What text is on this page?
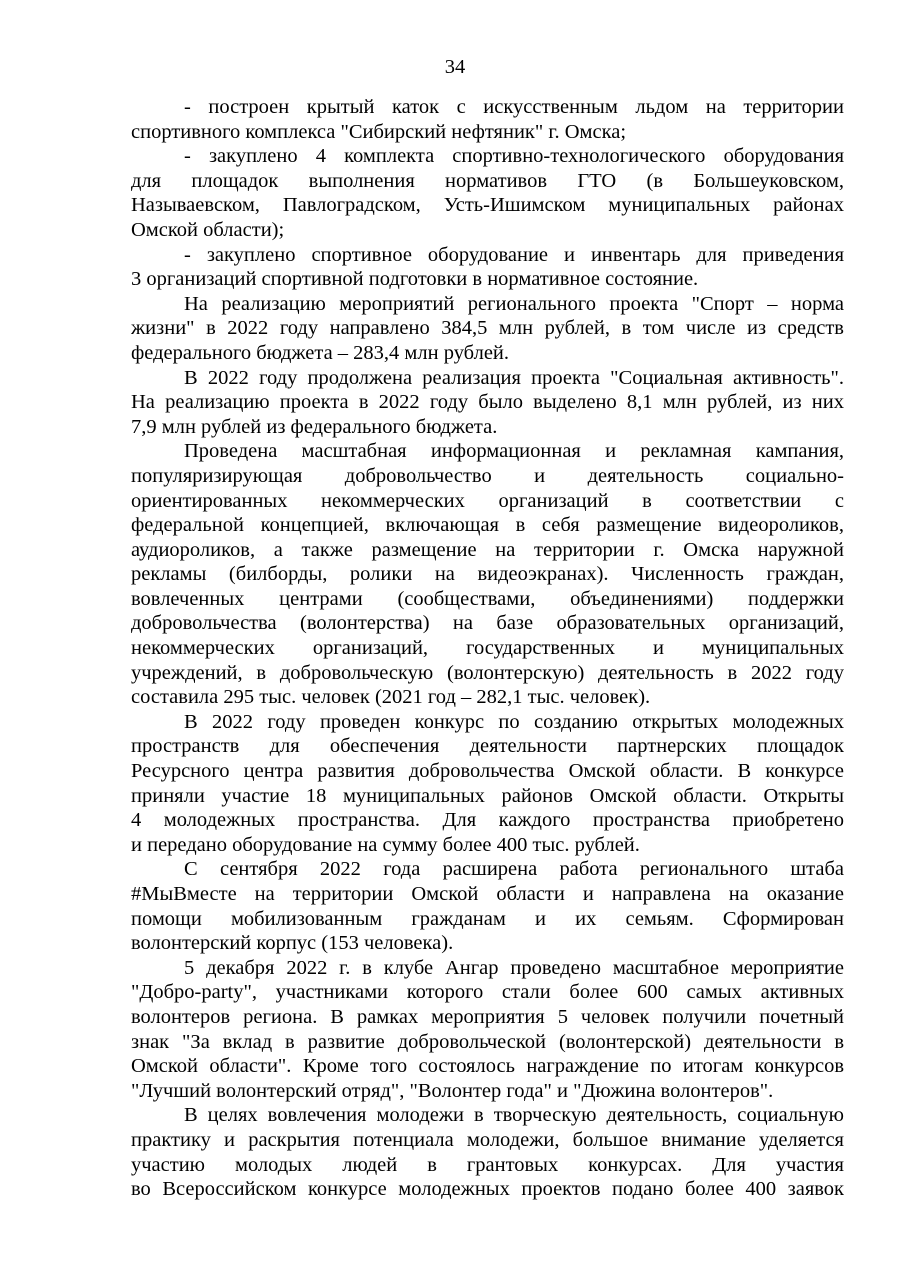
34
- построен крытый каток с искусственным льдом на территории
спортивного комплекса "Сибирский нефтяник" г. Омска;
- закуплено 4 комплекта спортивно-технологического оборудования
для площадок выполнения нормативов ГТО (в Большеуковском,
Называевском, Павлоградском, Усть-Ишимском муниципальных районах
Омской области);
- закуплено спортивное оборудование и инвентарь для приведения
3 организаций спортивной подготовки в нормативное состояние.
На реализацию мероприятий регионального проекта "Спорт – норма
жизни" в 2022 году направлено 384,5 млн рублей, в том числе из средств
федерального бюджета – 283,4 млн рублей.
В 2022 году продолжена реализация проекта "Социальная активность".
На реализацию проекта в 2022 году было выделено 8,1 млн рублей, из них
7,9 млн рублей из федерального бюджета.
Проведена масштабная информационная и рекламная кампания,
популяризирующая добровольчество и деятельность социально-
ориентированных некоммерческих организаций в соответствии с
федеральной концепцией, включающая в себя размещение видеороликов,
аудиороликов, а также размещение на территории г. Омска наружной
рекламы (билборды, ролики на видеоэкранах). Численность граждан,
вовлеченных центрами (сообществами, объединениями) поддержки
добровольчества (волонтерства) на базе образовательных организаций,
некоммерческих организаций, государственных и муниципальных
учреждений, в добровольческую (волонтерскую) деятельность в 2022 году
составила 295 тыс. человек (2021 год – 282,1 тыс. человек).
В 2022 году проведен конкурс по созданию открытых молодежных
пространств для обеспечения деятельности партнерских площадок
Ресурсного центра развития добровольчества Омской области. В конкурсе
приняли участие 18 муниципальных районов Омской области. Открыты
4 молодежных пространства. Для каждого пространства приобретено
и передано оборудование на сумму более 400 тыс. рублей.
С сентября 2022 года расширена работа регионального штаба
#МыВместе на территории Омской области и направлена на оказание
помощи мобилизованным гражданам и их семьям. Сформирован
волонтерский корпус (153 человека).
5 декабря 2022 г. в клубе Ангар проведено масштабное мероприятие
"Добро-party", участниками которого стали более 600 самых активных
волонтеров региона. В рамках мероприятия 5 человек получили почетный
знак "За вклад в развитие добровольческой (волонтерской) деятельности в
Омской области". Кроме того состоялось награждение по итогам конкурсов
"Лучший волонтерский отряд", "Волонтер года" и "Дюжина волонтеров".
В целях вовлечения молодежи в творческую деятельность, социальную
практику и раскрытия потенциала молодежи, большое внимание уделяется
участию молодых людей в грантовых конкурсах. Для участия
во Всероссийском конкурсе молодежных проектов подано более 400 заявок
